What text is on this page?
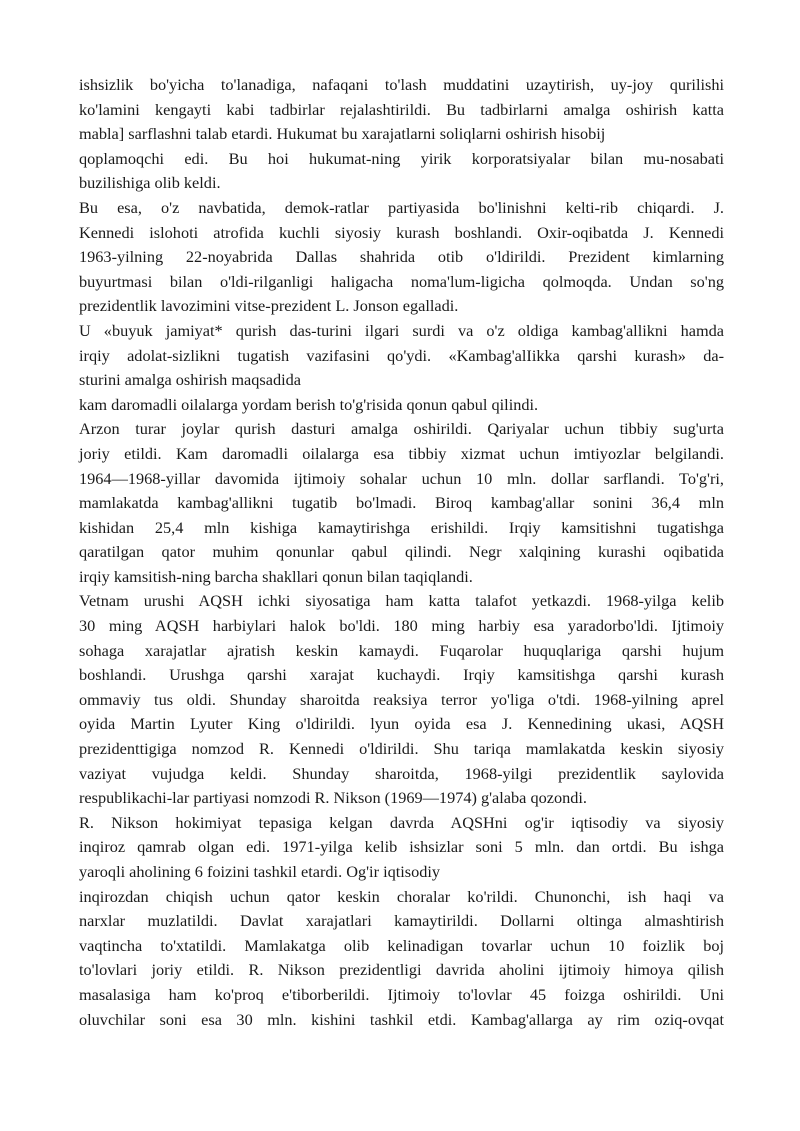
ishsizlik bo'yicha to'lanadiga, nafaqani to'lash muddatini uzaytirish, uy-joy qurilishi
ko'lamini kengayti kabi tadbirlar rejalashtirildi. Bu tadbirlarni amalga oshirish katta
mabla] sarflashni talab etardi. Hukumat bu xarajatlarni soliqlarni oshirish hisobij
qoplamoqchi edi. Bu hoi hukumat-ning yirik korporatsiyalar bilan mu-nosabati
buzilishiga olib keldi.
Bu esa, o'z navbatida, demok-ratlar partiyasida bo'linishni kelti-rib chiqardi. J.
Kennedi islohoti atrofida kuchli siyosiy kurash boshlandi. Oxir-oqibatda J. Kennedi
1963-yilning 22-noyabrida Dallas shahrida otib o'ldirildi. Prezident kimlarning
buyurtmasi bilan o'ldi-rilganligi haligacha noma'lum-ligicha qolmoqda. Undan so'ng
prezidentlik lavozimini vitse-prezident L. Jonson egalladi.
U «buyuk jamiyat* qurish das-turini ilgari surdi va o'z oldiga kambag'allikni hamda
irqiy adolat-sizlikni tugatish vazifasini qo'ydi. «Kambag'alIikka qarshi kurash» da-
sturini amalga oshirish maqsadida
kam daromadli oilalarga yordam berish to'g'risida qonun qabul qilindi.
Arzon turar joylar qurish dasturi amalga oshirildi. Qariyalar uchun tibbiy sug'urta
joriy etildi. Kam daromadli oilalarga esa tibbiy xizmat uchun imtiyozlar belgilandi.
1964—1968-yillar davomida ijtimoiy sohalar uchun 10 mln. dollar sarflandi. To'g'ri,
mamlakatda kambag'allikni tugatib bo'lmadi. Biroq kambag'allar sonini 36,4 mln
kishidan 25,4 mln kishiga kamaytirishga erishildi. Irqiy kamsitishni tugatishga
qaratilgan qator muhim qonunlar qabul qilindi. Negr xalqining kurashi oqibatida
irqiy kamsitish-ning barcha shakllari qonun bilan taqiqlandi.
Vetnam urushi AQSH ichki siyosatiga ham katta talafot yetkazdi. 1968-yilga kelib
30 ming AQSH harbiylari halok bo'ldi. 180 ming harbiy esa yaradorbo'ldi. Ijtimoiy
sohaga xarajatlar ajratish keskin kamaydi. Fuqarolar huquqlariga qarshi hujum
boshlandi. Urushga qarshi xarajat kuchaydi. Irqiy kamsitishga qarshi kurash
ommaviy tus oldi. Shunday sharoitda reaksiya terror yo'liga o'tdi. 1968-yilning aprel
oyida Martin Lyuter King o'ldirildi. lyun oyida esa J. Kennedining ukasi, AQSH
prezidenttigiga nomzod R. Kennedi o'ldirildi. Shu tariqa mamlakatda keskin siyosiy
vaziyat vujudga keldi. Shunday sharoitda, 1968-yilgi prezidentlik saylovida
respublikachi-lar partiyasi nomzodi R. Nikson (1969—1974) g'alaba qozondi.
R. Nikson hokimiyat tepasiga kelgan davrda AQSHni og'ir iqtisodiy va siyosiy
inqiroz qamrab olgan edi. 1971-yilga kelib ishsizlar soni 5 mln. dan ortdi. Bu ishga
yaroqli aholining 6 foizini tashkil etardi. Og'ir iqtisodiy
inqirozdan chiqish uchun qator keskin choralar ko'rildi. Chunonchi, ish haqi va
narxlar muzlatildi. Davlat xarajatlari kamaytirildi. Dollarni oltinga almashtirish
vaqtincha to'xtatildi. Mamlakatga olib kelinadigan tovarlar uchun 10 foizlik boj
to'lovlari joriy etildi. R. Nikson prezidentligi davrida aholini ijtimoiy himoya qilish
masalasiga ham ko'proq e'tiborberildi. Ijtimoiy to'lovlar 45 foizga oshirildi. Uni
oluvchilar soni esa 30 mln. kishini tashkil etdi. Kambag'allarga ay rim oziq-ovqat
